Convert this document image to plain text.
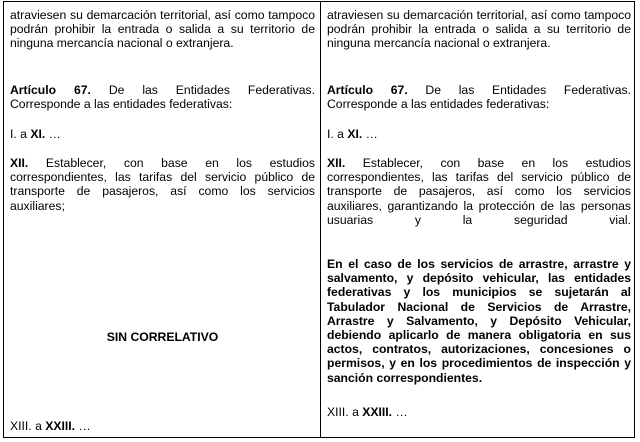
atraviesen su demarcación territorial, así como tampoco podrán prohibir la entrada o salida a su territorio de ninguna mercancía nacional o extranjera.

Artículo 67. De las Entidades Federativas. Corresponde a las entidades federativas:

I. a XI. …

XII. Establecer, con base en los estudios correspondientes, las tarifas del servicio público de transporte de pasajeros, así como los servicios auxiliares;

SIN CORRELATIVO

XIII. a XXIII. …

atraviesen su demarcación territorial, así como tampoco podrán prohibir la entrada o salida a su territorio de ninguna mercancía nacional o extranjera.

Artículo 67. De las Entidades Federativas. Corresponde a las entidades federativas:

I. a XI. …

XII. Establecer, con base en los estudios correspondientes, las tarifas del servicio público de transporte de pasajeros, así como los servicios auxiliares, garantizando la protección de las personas usuarias y la seguridad vial.

En el caso de los servicios de arrastre, arrastre y salvamento, y depósito vehicular, las entidades federativas y los municipios se sujetarán al Tabulador Nacional de Servicios de Arrastre, Arrastre y Salvamento, y Depósito Vehicular, debiendo aplicarlo de manera obligatoria en sus actos, contratos, autorizaciones, concesiones o permisos, y en los procedimientos de inspección y sanción correspondientes.

XIII. a XXIII. …
